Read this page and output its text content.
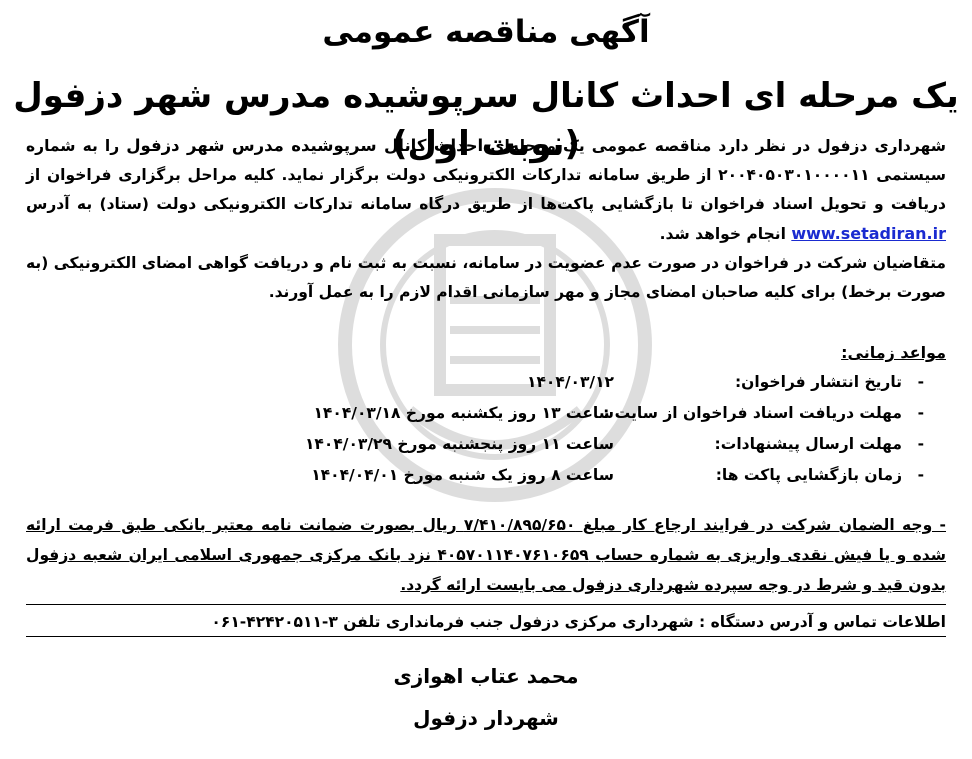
آگهی مناقصه عمومی
یک مرحله ای احداث کانال سرپوشیده مدرس شهر دزفول (نوبت اول)

شهرداری دزفول در نظر دارد مناقصه عمومی یک مرحله‌ای احداث کانال سرپوشیده مدرس شهر دزفول را به شماره سیستمی ۲۰۰۴۰۵۰۳۰۱۰۰۰۰۱۱ از طریق سامانه تدارکات الکترونیکی دولت برگزار نماید. کلیه مراحل برگزاری فراخوان از دریافت و تحویل اسناد فراخوان تا بازگشایی پاکت‌ها از طریق درگاه سامانه تدارکات الکترونیکی دولت (ستاد) به آدرس www.setadiran.ir انجام خواهد شد.

متقاضیان شرکت در فراخوان در صورت عدم عضویت در سامانه، نسبت به ثبت نام و دریافت گواهی امضای الکترونیکی (به صورت برخط) برای کلیه صاحبان امضای مجاز و مهر سازمانی اقدام لازم را به عمل آورند.

مواعد زمانی:
-
تاریخ انتشار فراخوان:
۱۴۰۴/۰۳/۱۲
-
مهلت دریافت اسناد فراخوان از سایت :
ساعت ۱۳ روز یکشنبه مورخ ۱۴۰۴/۰۳/۱۸
-
مهلت ارسال پیشنهادات:
ساعت ۱۱ روز پنجشنبه مورخ ۱۴۰۴/۰۳/۲۹
-
زمان بازگشایی پاکت ها:
ساعت ۸ روز یک شنبه مورخ ۱۴۰۴/۰۴/۰۱
- وجه الضمان شرکت در فرایند ارجاع کار مبلغ ۷/۴۱۰/۸۹۵/۶۵۰ ریال بصورت ضمانت نامه معتبر بانکی طبق فرمت ارائه شده و یا فیش نقدی واریزی به شماره حساب ۴۰۵۷۰۱۱۴۰۷۶۱۰۶۵۹ نزد بانک مرکزی جمهوری اسلامی ایران شعبه دزفول بدون قید و شرط در وجه سپرده شهرداری دزفول می بایست ارائه گردد.
اطلاعات تماس و آدرس دستگاه : شهرداری مرکزی دزفول جنب فرمانداری تلفن ۳-۴۲۴۲۰۵۱۱-۰۶۱
محمد عتاب اهوازی
شهردار دزفول
